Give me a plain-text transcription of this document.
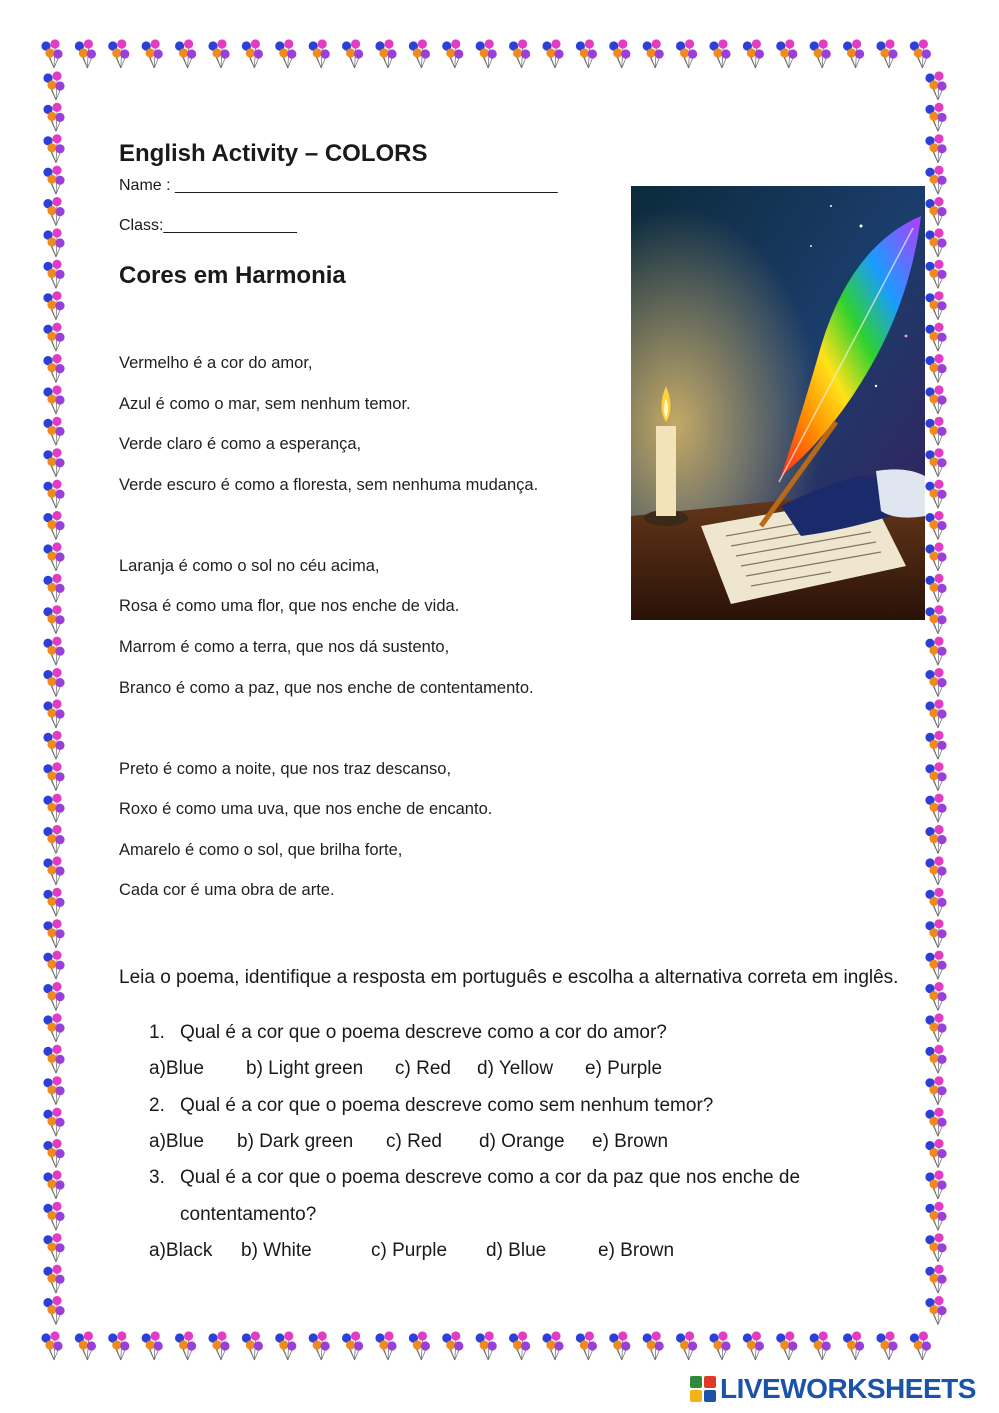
English Activity – COLORS
Name : ___________________________________________
Class:_______________
Cores em Harmonia
Vermelho é a cor do amor,
Azul é como o mar, sem nenhum temor.
Verde claro é como a esperança,
Verde escuro é como a floresta, sem nenhuma mudança.
Laranja é como o sol no céu acima,
Rosa é como uma flor, que nos enche de vida.
Marrom é como a terra, que nos dá sustento,
Branco é como a paz, que nos enche de contentamento.
Preto é como a noite, que nos traz descanso,
Roxo é como uma uva, que nos enche de encanto.
Amarelo é como o sol, que brilha forte,
Cada cor é uma obra de arte.
Leia o poema, identifique a resposta em português e escolha a alternativa correta em inglês.
1. Qual é a cor que o poema descreve como a cor do amor?
a)Blue b) Light green c) Red d) Yellow e) Purple
2. Qual é a cor que o poema descreve como sem nenhum temor?
a)Blue b) Dark green c) Red d) Orange e) Brown
3. Qual é a cor que o poema descreve como a cor da paz que nos enche de
contentamento?
a)Black b) White	c) Purple d) Blue	e) Brown
LIVEWORKSHEETS
